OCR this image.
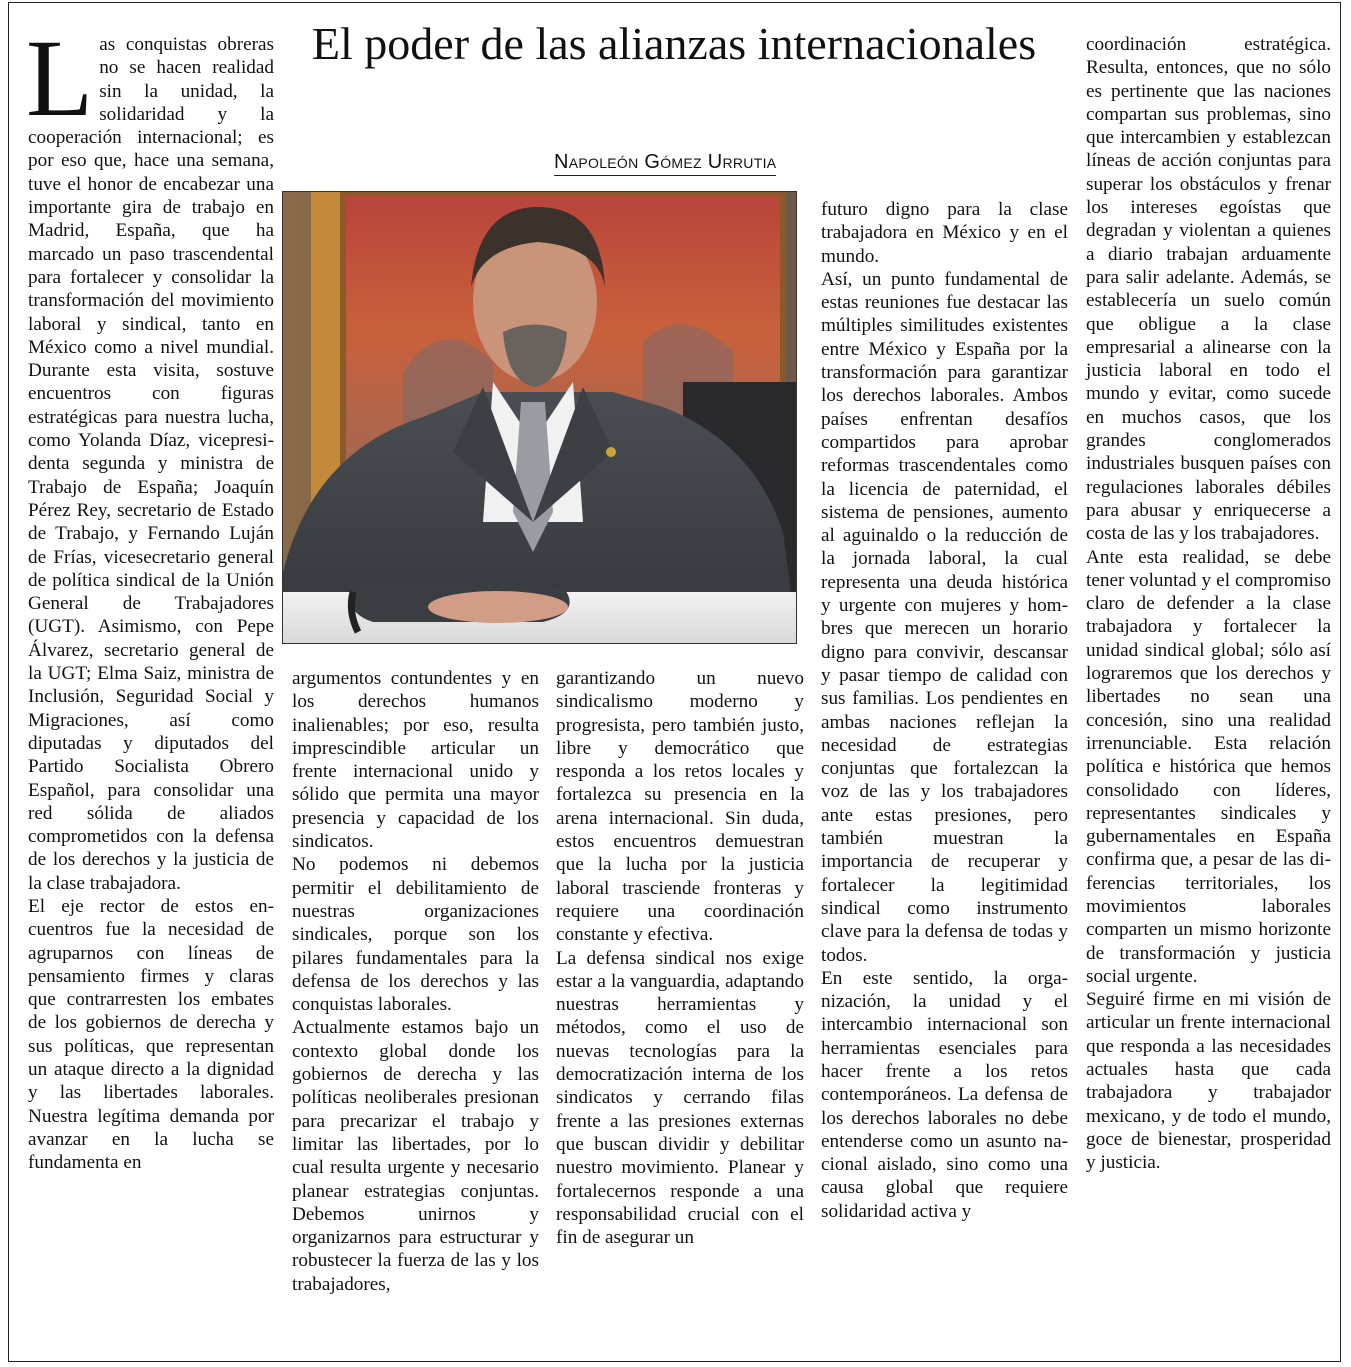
El poder de las alianzas internacionales
Napoleón Gómez Urrutia

Las conquistas obreras no se hacen realidad sin la unidad, la solidaridad y la cooperación internacional; es por eso que, hace una semana, tuve el honor de encabezar una importante gira de trabajo en Madrid, España, que ha marcado un paso trascendental para fortalecer y consolidar la transformación del movimiento laboral y sindical, tanto en México como a nivel mundial. Durante esta visita, sostuve encuentros con figuras estratégicas para nuestra lucha, como Yolanda Díaz, vicepresidenta segunda y ministra de Trabajo de España; Joaquín Pérez Rey, secretario de Estado de Trabajo, y Fernando Luján de Frías, vicesecretario general de política sindical de la Unión General de Trabajadores (UGT). Asimismo, con Pepe Álvarez, secretario general de la UGT; Elma Saiz, ministra de Inclusión, Seguridad Social y Migraciones, así como diputadas y diputados del Partido Socialista Obrero Español, para consolidar una red sólida de aliados comprometidos con la defensa de los derechos y la justicia de la clase trabajadora.

El eje rector de estos encuentros fue la necesidad de agruparnos con líneas de pensamiento firmes y claras que contrarresten los embates de los gobiernos de derecha y sus políticas, que representan un ataque directo a la dignidad y las libertades laborales. Nuestra legítima demanda por avanzar en la lucha se fundamenta en

argumentos contundentes y en los derechos humanos inalienables; por eso, resulta imprescindible articular un frente internacional unido y sólido que permita una mayor presencia y capacidad de los sindicatos.

No podemos ni debemos permitir el debilitamiento de nuestras organizaciones sindicales, porque son los pilares fundamentales para la defensa de los derechos y las conquistas laborales.

Actualmente estamos bajo un contexto global donde los gobiernos de derecha y las políticas neoliberales presionan para precarizar el trabajo y limitar las libertades, por lo cual resulta urgente y necesario planear estrategias conjuntas. Debemos unirnos y organizarnos para estructurar y robustecer la fuerza de las y los trabajadores,

garantizando un nuevo sindicalismo moderno y progresista, pero también justo, libre y democrático que responda a los retos locales y fortalezca su presencia en la arena internacional. Sin duda, estos encuentros demuestran que la lucha por la justicia laboral trasciende fronteras y requiere una coordinación constante y efectiva.

La defensa sindical nos exige estar a la vanguardia, adaptando nuestras herramientas y métodos, como el uso de nuevas tecnologías para la democratización interna de los sindicatos y cerrando filas frente a las presiones externas que buscan dividir y debilitar nuestro movimiento. Planear y fortalecernos responde a una responsabilidad crucial con el fin de asegurar un

futuro digno para la clase trabajadora en México y en el mundo.

Así, un punto fundamental de estas reuniones fue destacar las múltiples similitudes existentes entre México y España por la transformación para garantizar los derechos laborales. Ambos países enfrentan desafíos compartidos para aprobar reformas trascendentales como la licencia de paternidad, el sistema de pensiones, aumento al aguinaldo o la reducción de la jornada laboral, la cual representa una deuda histórica y urgente con mujeres y hombres que merecen un horario digno para convivir, descansar y pasar tiempo de calidad con sus familias. Los pendientes en ambas naciones reflejan la necesidad de estrategias conjuntas que fortalezcan la voz de las y los trabajadores ante estas presiones, pero también muestran la importancia de recuperar y fortalecer la legitimidad sindical como instrumento clave para la defensa de todas y todos.

En este sentido, la organización, la unidad y el intercambio internacional son herramientas esenciales para hacer frente a los retos contemporáneos. La defensa de los derechos laborales no debe entenderse como un asunto nacional aislado, sino como una causa global que requiere solidaridad activa y

coordinación estratégica. Resulta, entonces, que no sólo es pertinente que las naciones compartan sus problemas, sino que intercambien y establezcan líneas de acción conjuntas para superar los obstáculos y frenar los intereses egoístas que degradan y violentan a quienes a diario trabajan arduamente para salir adelante. Además, se establecería un suelo común que obligue a la clase empresarial a alinearse con la justicia laboral en todo el mundo y evitar, como sucede en muchos casos, que los grandes conglomerados industriales busquen países con regulaciones laborales débiles para abusar y enriquecerse a costa de las y los trabajadores.

Ante esta realidad, se debe tener voluntad y el compromiso claro de defender a la clase trabajadora y fortalecer la unidad sindical global; sólo así lograremos que los derechos y libertades no sean una concesión, sino una realidad irrenunciable. Esta relación política e histórica que hemos consolidado con líderes, representantes sindicales y gubernamentales en España confirma que, a pesar de las diferencias territoriales, los movimientos laborales comparten un mismo horizonte de transformación y justicia social urgente.

Seguiré firme en mi visión de articular un frente internacional que responda a las necesidades actuales hasta que cada trabajadora y trabajador mexicano, y de todo el mundo, goce de bienestar, prosperidad y justicia.
